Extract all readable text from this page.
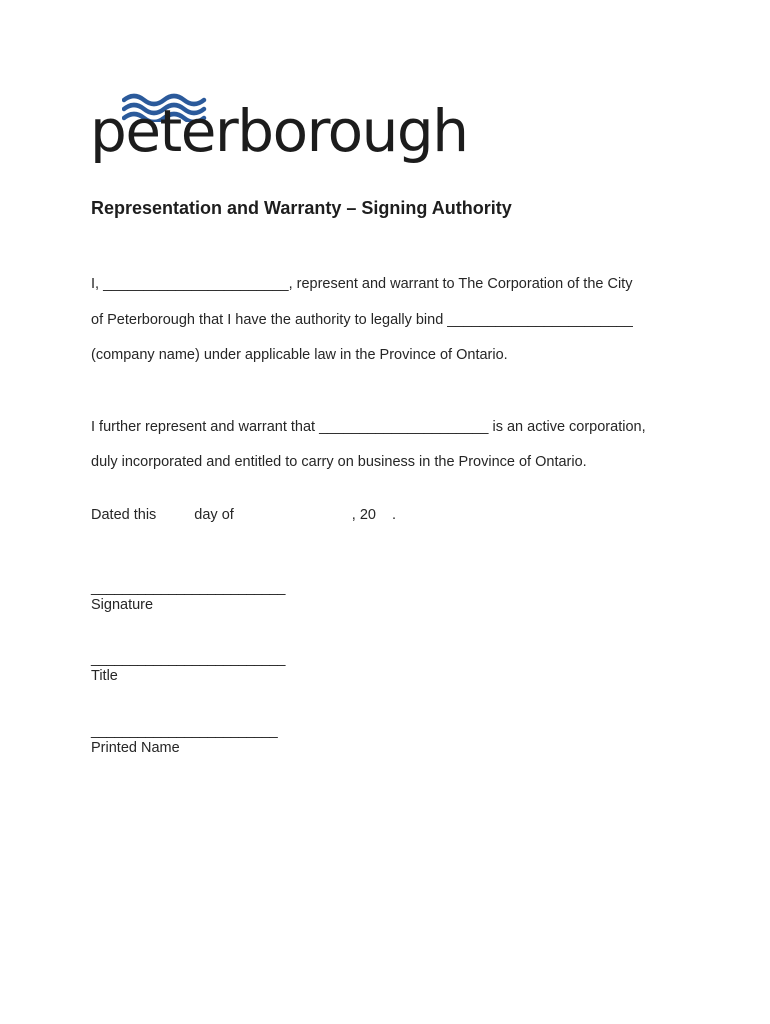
peterborough
Representation and Warranty – Signing Authority
I, _______________________, represent and warrant to The Corporation of the City
of Peterborough that I have the authority to legally bind _______________________
(company name) under applicable law in the Province of Ontario.
I further represent and warrant that _____________________ is an active corporation,
duly incorporated and entitled to carry on business in the Province of Ontario.
Dated this	day of	, 20 .
_________________________
Signature
_________________________
Title
________________________
Printed Name
